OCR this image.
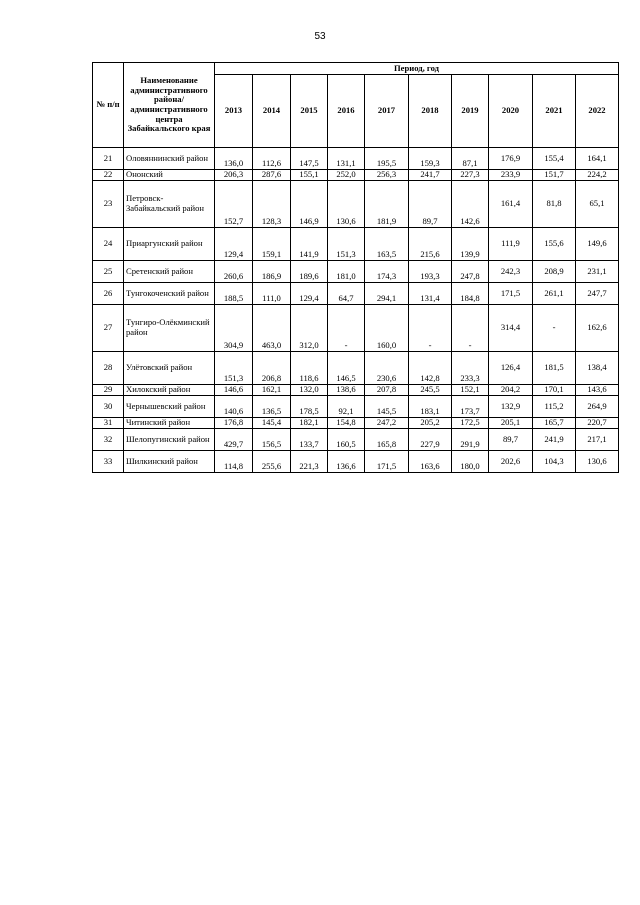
53
№ п/п	Наименование административного района/ административного центра Забайкальского края	Период, год									
		2013	2014	2015	2016	2017	2018	2019	2020	2021	2022
21	Оловяннинский район	136,0	112,6	147,5	131,1	195,5	159,3	87,1	176,9	155,4	164,1
22	Ононский	206,3	287,6	155,1	252,0	256,3	241,7	227,3	233,9	151,7	224,2
23	Петровск-Забайкальский район	152,7	128,3	146,9	130,6	181,9	89,7	142,6	161,4	81,8	65,1
24	Приаргунский район	129,4	159,1	141,9	151,3	163,5	215,6	139,9	111,9	155,6	149,6
25	Сретенский район	260,6	186,9	189,6	181,0	174,3	193,3	247,8	242,3	208,9	231,1
26	Тунгокоченский район	188,5	111,0	129,4	64,7	294,1	131,4	184,8	171,5	261,1	247,7
27	Тунгиро-Олёкминский район	304,9	463,0	312,0	-	160,0	-	-	314,4	-	162,6
28	Улётовский район	151,3	206,8	118,6	146,5	230,6	142,8	233,3	126,4	181,5	138,4
29	Хилокский район	146,6	162,1	132,0	138,6	207,8	245,5	152,1	204,2	170,1	143,6
30	Чернышевский район	140,6	136,5	178,5	92,1	145,5	183,1	173,7	132,9	115,2	264,9
31	Читинский район	176,8	145,4	182,1	154,8	247,2	205,2	172,5	205,1	165,7	220,7
32	Шелопугинский район	429,7	156,5	133,7	160,5	165,8	227,9	291,9	89,7	241,9	217,1
33	Шилкинский район	114,8	255,6	221,3	136,6	171,5	163,6	180,0	202,6	104,3	130,6
